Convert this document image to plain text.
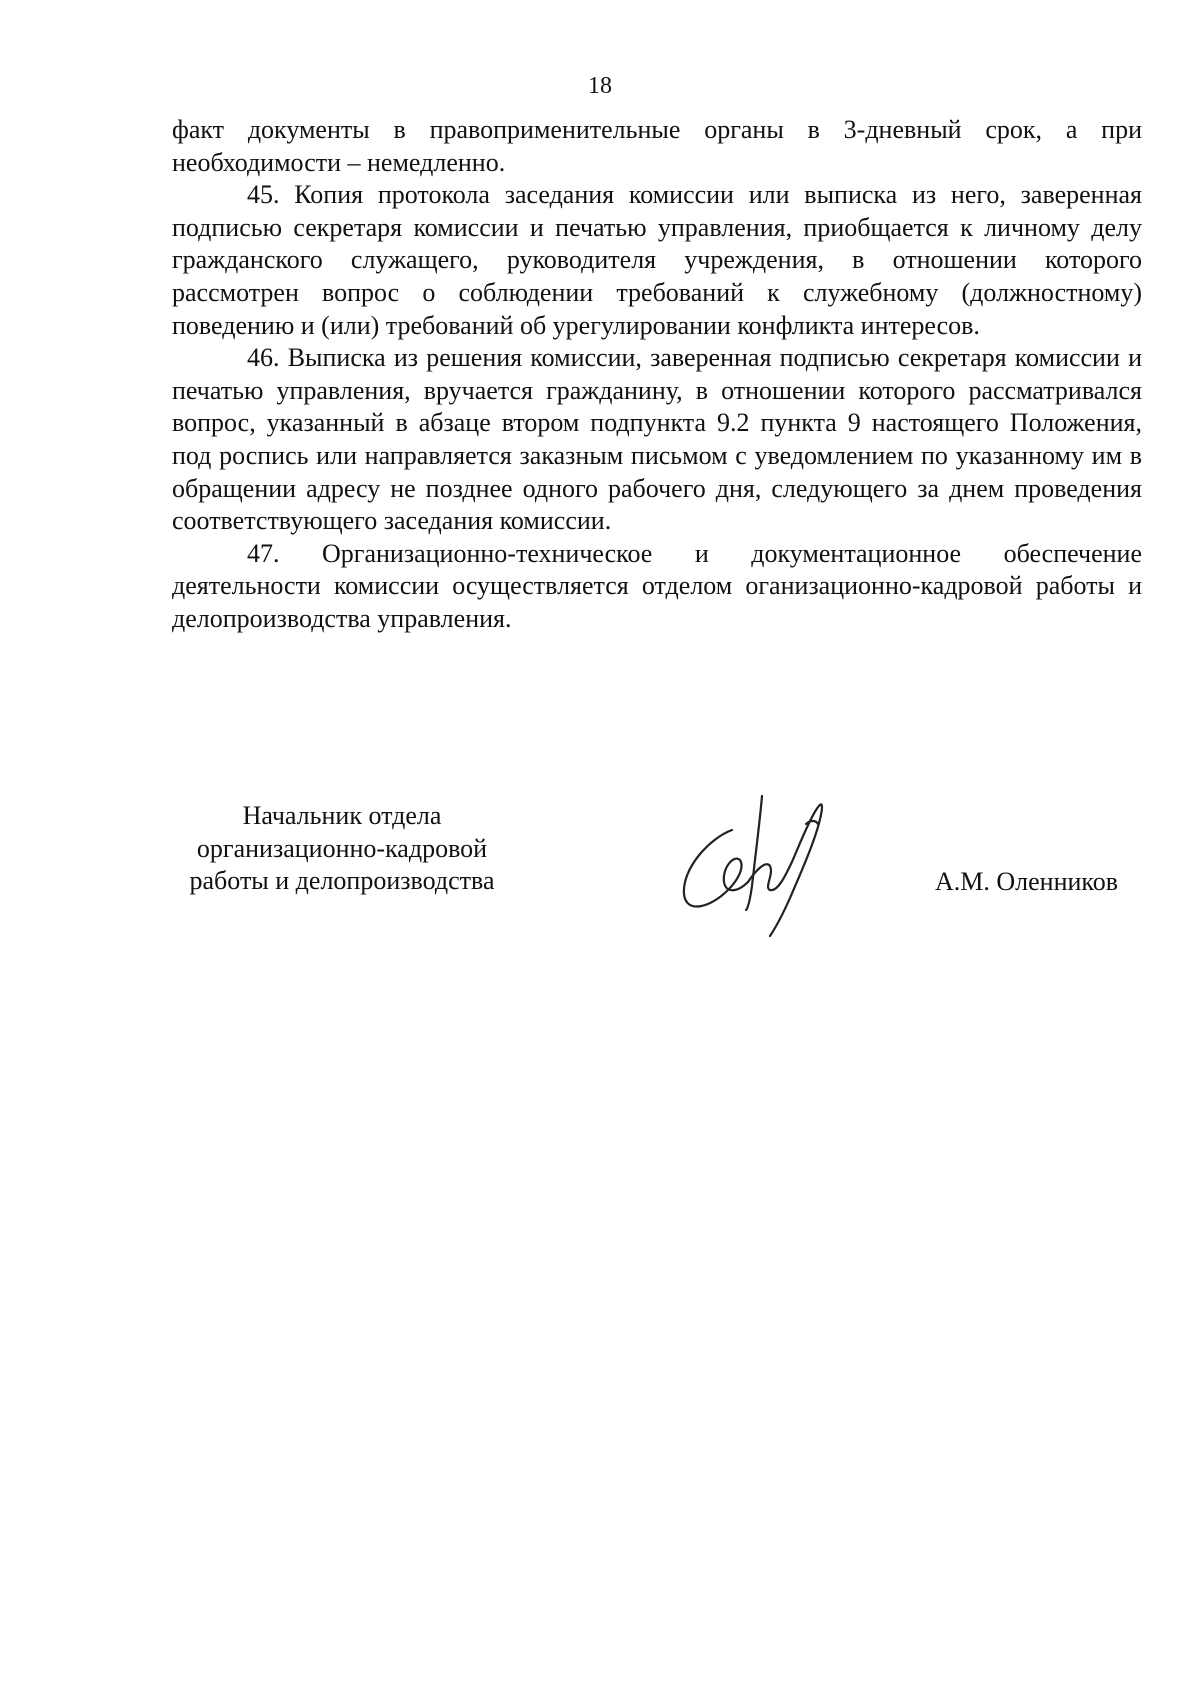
18

факт документы в правоприменительные органы в 3-дневный срок, а при необходимости – немедленно.

45. Копия протокола заседания комиссии или выписка из него, заверенная подписью секретаря комиссии и печатью управления, приобщается к личному делу гражданского служащего, руководителя учреждения, в отношении которого рассмотрен вопрос о соблюдении требований к служебному (должностному) поведению и (или) требований об урегулировании конфликта интересов.

46. Выписка из решения комиссии, заверенная подписью секретаря комиссии и печатью управления, вручается гражданину, в отношении которого рассматривался вопрос, указанный в абзаце втором подпункта 9.2 пункта 9 настоящего Положения, под роспись или направляется заказным письмом с уведомлением по указанному им в обращении адресу не позднее одного рабочего дня, следующего за днем проведения соответствующего заседания комиссии.

47. Организационно-техническое и документационное обеспечение деятельности комиссии осуществляется отделом оганизационно-кадровой работы и делопроизводства управления.

Начальник отдела
организационно-кадровой
работы и делопроизводства	А.М. Оленников
